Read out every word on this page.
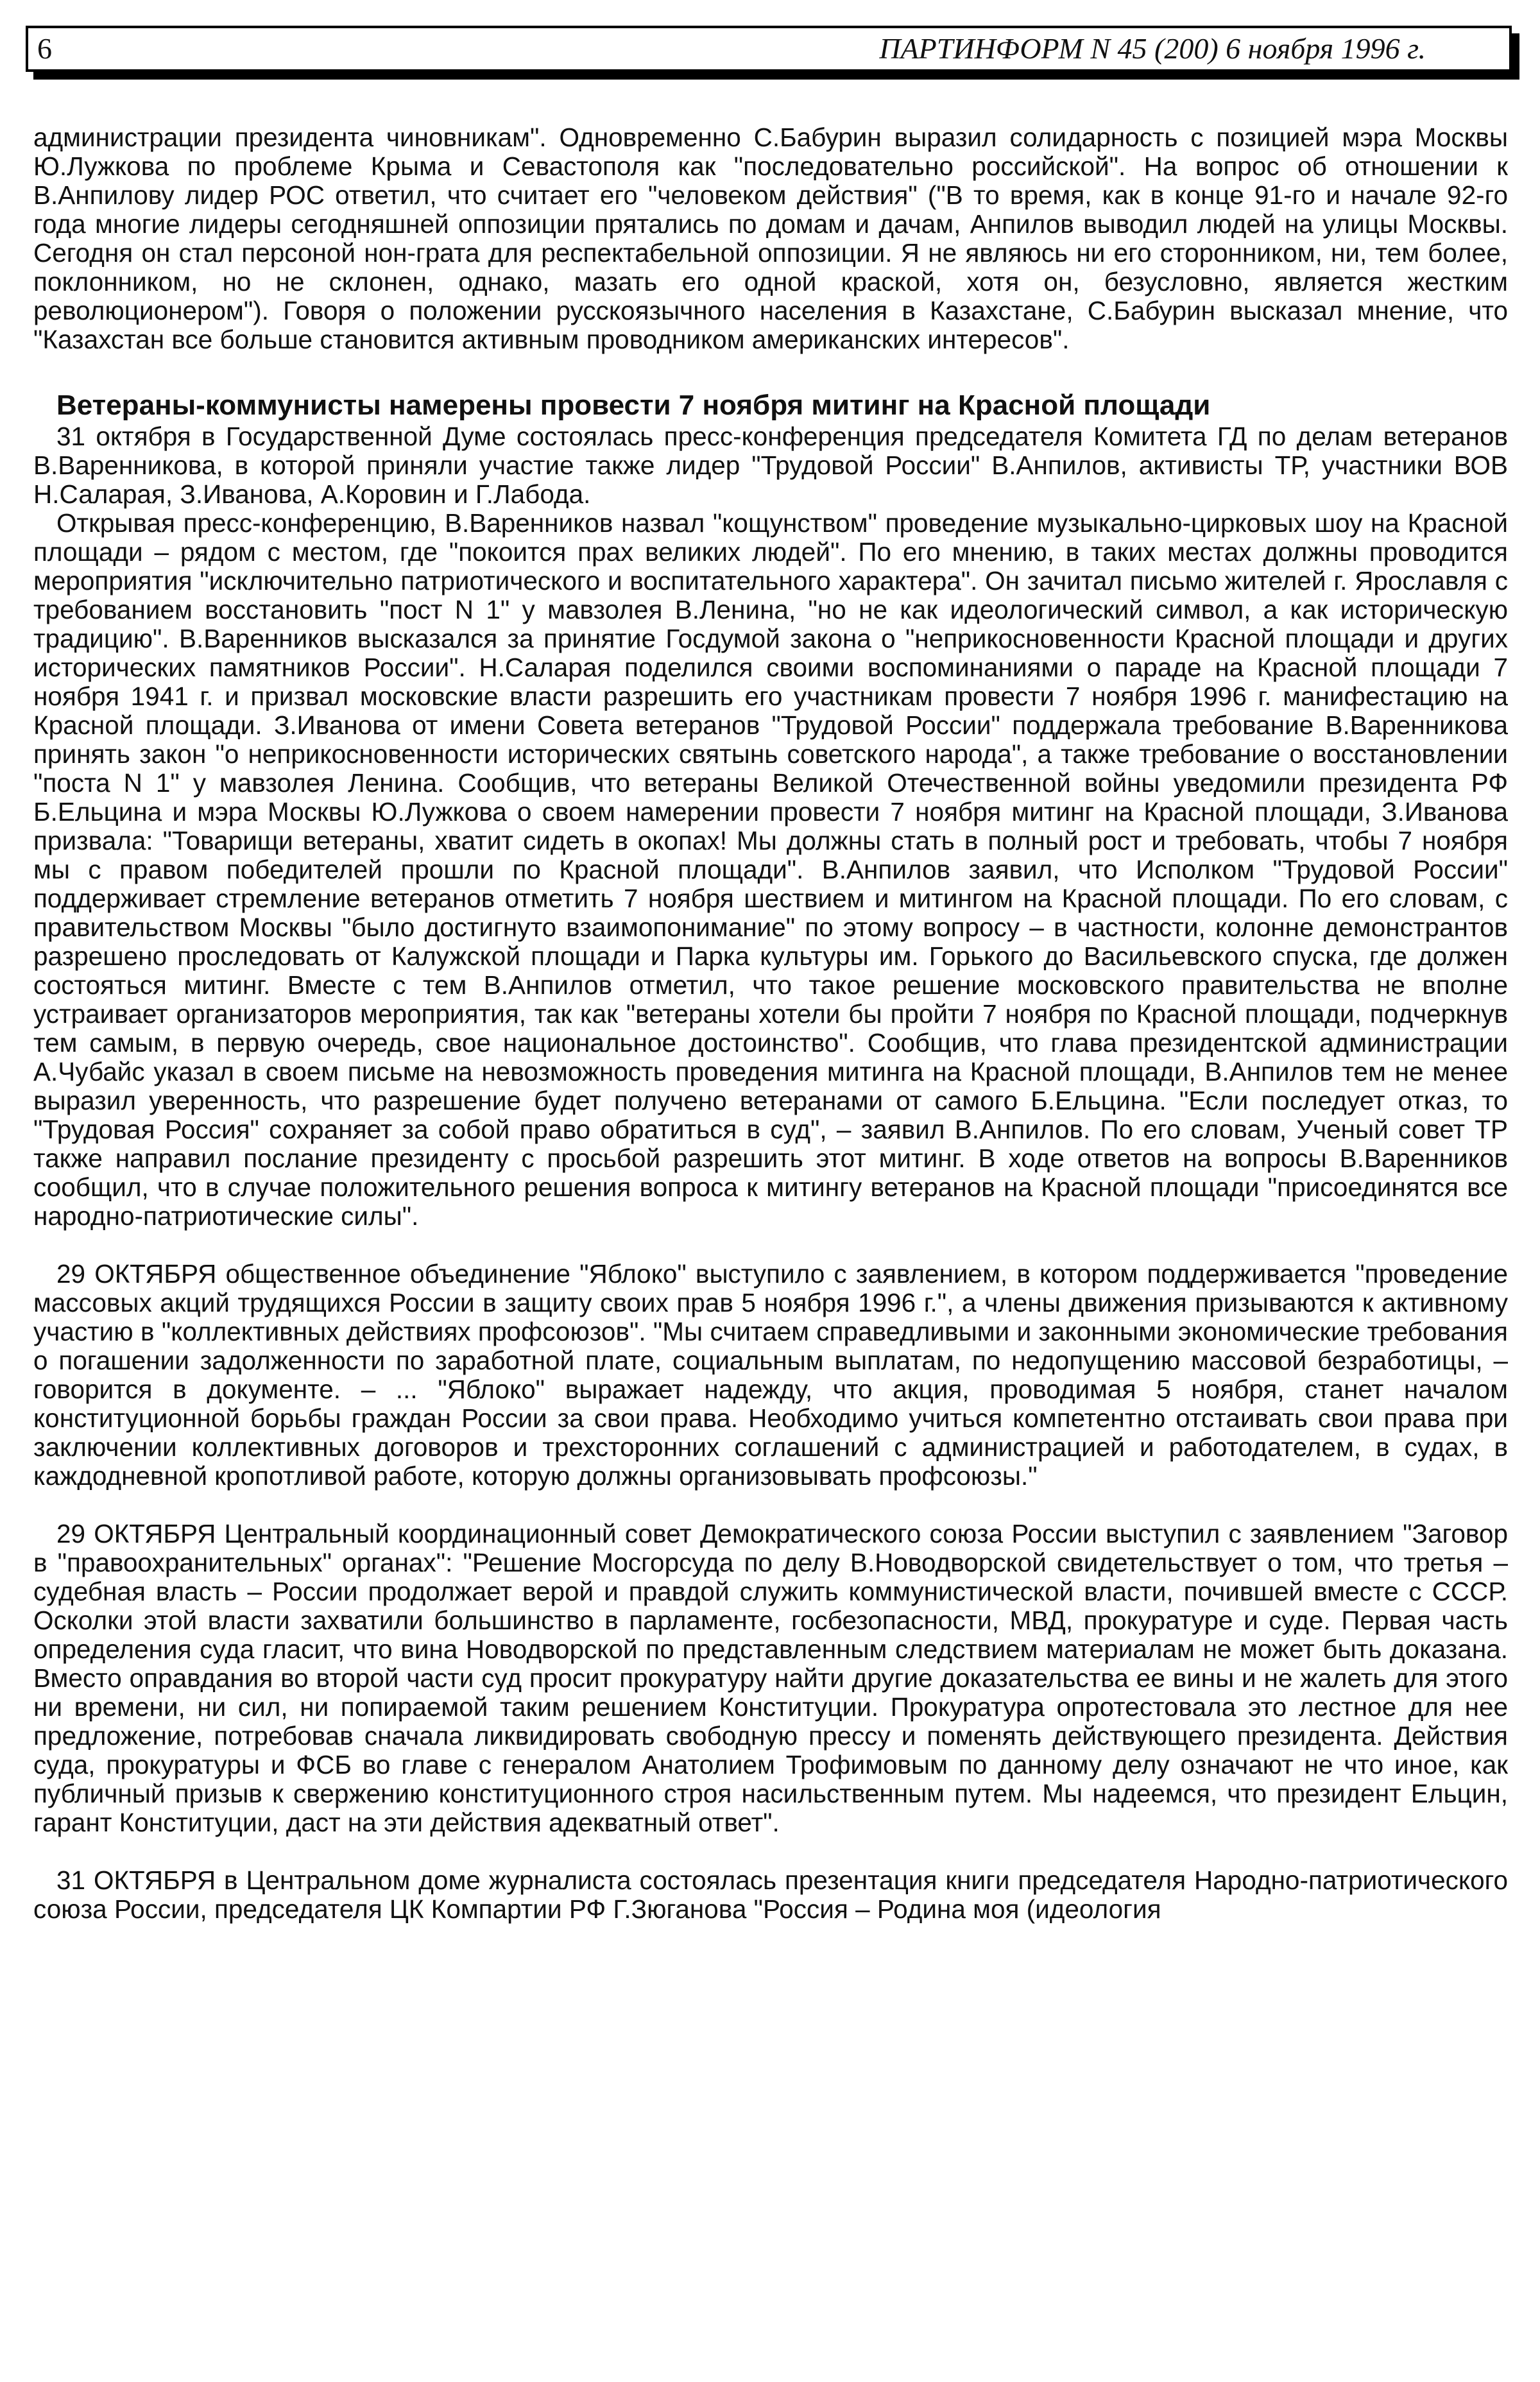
6	ПАРТИНФОРМ N 45 (200) 6 ноября 1996 г.

администрации президента чиновникам". Одновременно С.Бабурин выразил солидарность с позицией мэра Москвы Ю.Лужкова по проблеме Крыма и Севастополя как "последовательно российской". На вопрос об отношении к В.Анпилову лидер РОС ответил, что считает его "человеком действия" ("В то время, как в конце 91-го и начале 92-го года многие лидеры сегодняшней оппозиции прятались по домам и дачам, Анпилов выводил людей на улицы Москвы. Сегодня он стал персоной нон-грата для респектабельной оппозиции. Я не являюсь ни его сторонником, ни, тем более, поклонником, но не склонен, однако, мазать его одной краской, хотя он, безусловно, является жестким революционером"). Говоря о положении русскоязычного населения в Казахстане, С.Бабурин высказал мнение, что "Казахстан все больше становится активным проводником американских интересов".

Ветераны-коммунисты намерены провести 7 ноября митинг на Красной площади

31 октября в Государственной Думе состоялась пресс-конференция председателя Комитета ГД по делам ветеранов В.Варенникова, в которой приняли участие также лидер "Трудовой России" В.Анпилов, активисты ТР, участники ВОВ Н.Саларая, З.Иванова, А.Коровин и Г.Лабода.

Открывая пресс-конференцию, В.Варенников назвал "кощунством" проведение музыкально-цирковых шоу на Красной площади – рядом с местом, где "покоится прах великих людей". По его мнению, в таких местах должны проводится мероприятия "исключительно патриотического и воспитательного характера". Он зачитал письмо жителей г. Ярославля с требованием восстановить "пост N 1" у мавзолея В.Ленина, "но не как идеологический символ, а как историческую традицию". В.Варенников высказался за принятие Госдумой закона о "неприкосновенности Красной площади и других исторических памятников России". Н.Саларая поделился своими воспоминаниями о параде на Красной площади 7 ноября 1941 г. и призвал московские власти разрешить его участникам провести 7 ноября 1996 г. манифестацию на Красной площади. З.Иванова от имени Совета ветеранов "Трудовой России" поддержала требование В.Варенникова принять закон "о неприкосновенности исторических святынь советского народа", а также требование о восстановлении "поста N 1" у мавзолея Ленина. Сообщив, что ветераны Великой Отечественной войны уведомили президента РФ Б.Ельцина и мэра Москвы Ю.Лужкова о своем намерении провести 7 ноября митинг на Красной площади, З.Иванова призвала: "Товарищи ветераны, хватит сидеть в окопах! Мы должны стать в полный рост и требовать, чтобы 7 ноября мы с правом победителей прошли по Красной площади". В.Анпилов заявил, что Исполком "Трудовой России" поддерживает стремление ветеранов отметить 7 ноября шествием и митингом на Красной площади. По его словам, с правительством Москвы "было достигнуто взаимопонимание" по этому вопросу – в частности, колонне демонстрантов разрешено проследовать от Калужской площади и Парка культуры им. Горького до Васильевского спуска, где должен состояться митинг. Вместе с тем В.Анпилов отметил, что такое решение московского правительства не вполне устраивает организаторов мероприятия, так как "ветераны хотели бы пройти 7 ноября по Красной площади, подчеркнув тем самым, в первую очередь, свое национальное достоинство". Сообщив, что глава президентской администрации А.Чубайс указал в своем письме на невозможность проведения митинга на Красной площади, В.Анпилов тем не менее выразил уверенность, что разрешение будет получено ветеранами от самого Б.Ельцина. "Если последует отказ, то "Трудовая Россия" сохраняет за собой право обратиться в суд", – заявил В.Анпилов. По его словам, Ученый совет ТР также направил послание президенту с просьбой разрешить этот митинг. В ходе ответов на вопросы В.Варенников сообщил, что в случае положительного решения вопроса к митингу ветеранов на Красной площади "присоединятся все народно-патриотические силы".

29 ОКТЯБРЯ общественное объединение "Яблоко" выступило с заявлением, в котором поддерживается "проведение массовых акций трудящихся России в защиту своих прав 5 ноября 1996 г.", а члены движения призываются к активному участию в "коллективных действиях профсоюзов". "Мы считаем справедливыми и законными экономические требования о погашении задолженности по заработной плате, социальным выплатам, по недопущению массовой безработицы, – говорится в документе. – ... "Яблоко" выражает надежду, что акция, проводимая 5 ноября, станет началом конституционной борьбы граждан России за свои права. Необходимо учиться компетентно отстаивать свои права при заключении коллективных договоров и трехсторонних соглашений с администрацией и работодателем, в судах, в каждодневной кропотливой работе, которую должны организовывать профсоюзы."

29 ОКТЯБРЯ Центральный координационный совет Демократического союза России выступил с заявлением "Заговор в "правоохранительных" органах": "Решение Мосгорсуда по делу В.Новодворской свидетельствует о том, что третья – судебная власть – России продолжает верой и правдой служить коммунистической власти, почившей вместе с СССР. Осколки этой власти захватили большинство в парламенте, госбезопасности, МВД, прокуратуре и суде. Первая часть определения суда гласит, что вина Новодворской по представленным следствием материалам не может быть доказана. Вместо оправдания во второй части суд просит прокуратуру найти другие доказательства ее вины и не жалеть для этого ни времени, ни сил, ни попираемой таким решением Конституции. Прокуратура опротестовала это лестное для нее предложение, потребовав сначала ликвидировать свободную прессу и поменять действующего президента. Действия суда, прокуратуры и ФСБ во главе с генералом Анатолием Трофимовым по данному делу означают не что иное, как публичный призыв к свержению конституционного строя насильственным путем. Мы надеемся, что президент Ельцин, гарант Конституции, даст на эти действия адекватный ответ".

31 ОКТЯБРЯ в Центральном доме журналиста состоялась презентация книги председателя Народно-патриотического союза России, председателя ЦК Компартии РФ Г.Зюганова "Россия – Родина моя (идеология
